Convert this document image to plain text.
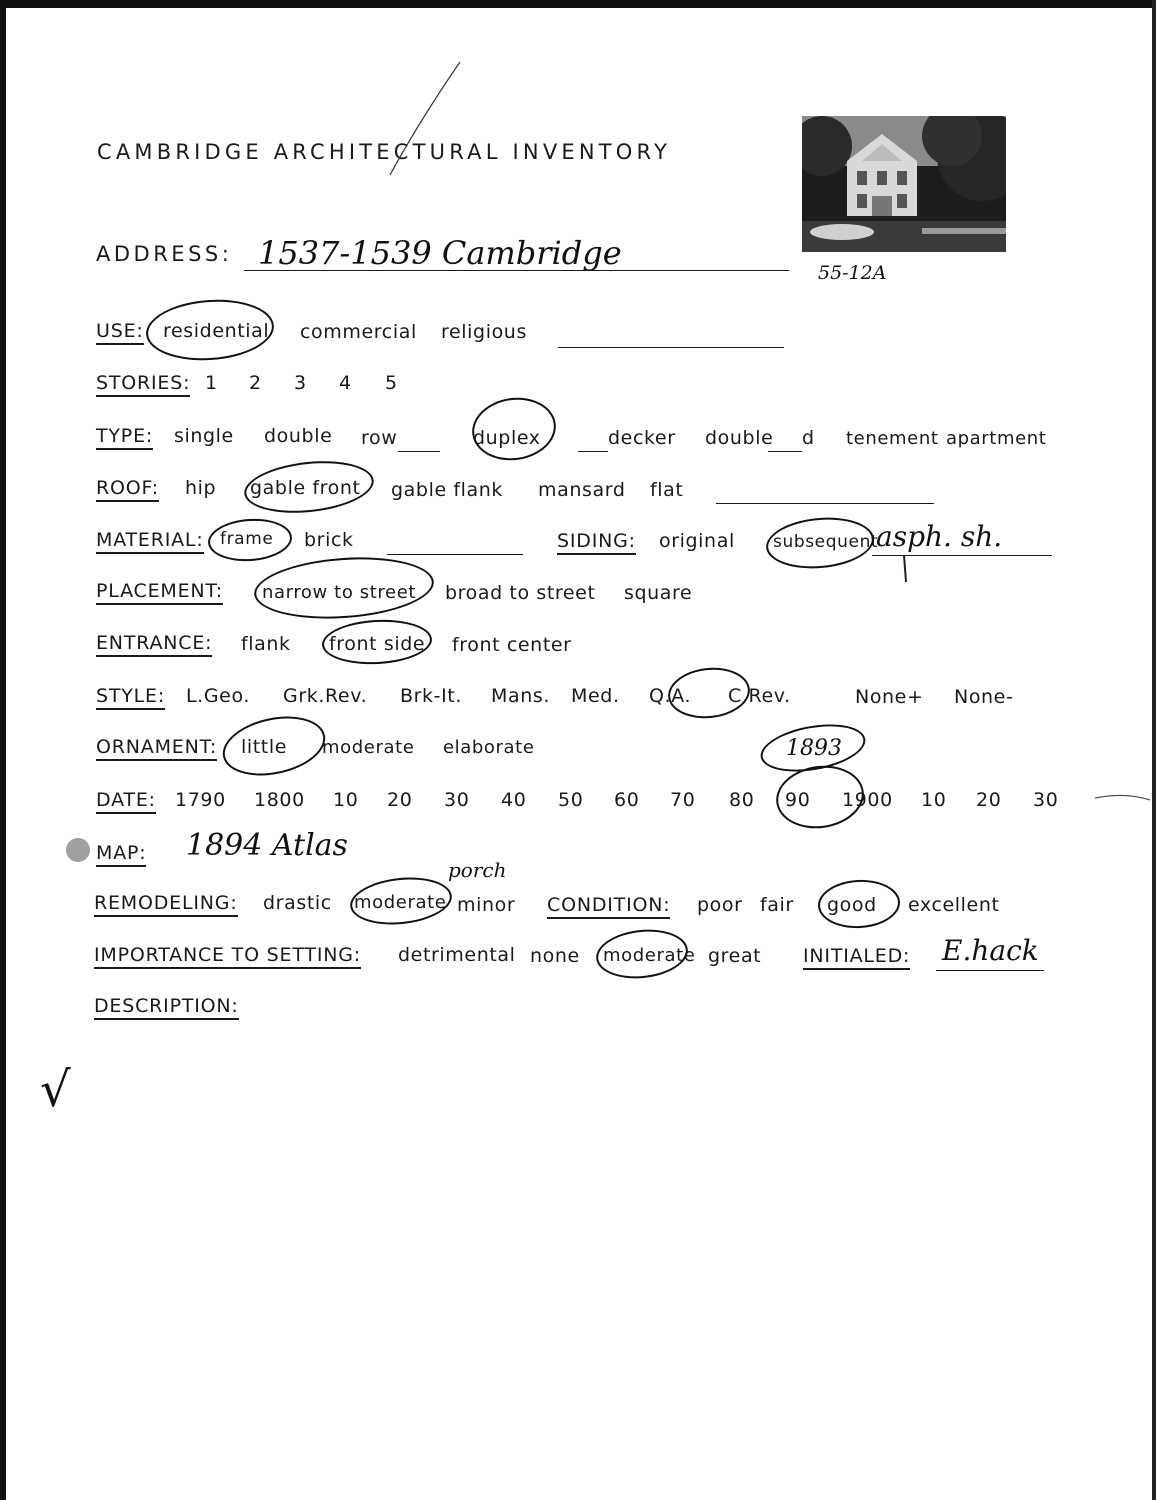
CAMBRIDGE ARCHITECTURAL INVENTORY
55-12A
ADDRESS: 1537-1539 Cambridge
USE: residential commercial religious
STORIES: 1 2 3 4 5
TYPE: single double row	duplex	decker double d tenement apartment
ROOF: hip gable front gable flank mansard flat
MATERIAL: frame brick	SIDING: original subsequent
asph. sh.
PLACEMENT: narrow to street broad to street square
ENTRANCE: flank front side front center
STYLE: L.Geo. Grk.Rev. Brk-It. Mans. Med. Q.A. C.Rev.	None+ None-
ORNAMENT: little moderate elaborate
DATE: 1790 1800 10 20 30 40 50 60 70 80 90 1900 10 20 30
1893
MAP: 1894 Atlas
REMODELING: drastic moderate minor
porch
CONDITION: poor fair good excellent
IMPORTANCE TO SETTING: detrimental none moderate great INITIALED: E.hack
DESCRIPTION:
√
